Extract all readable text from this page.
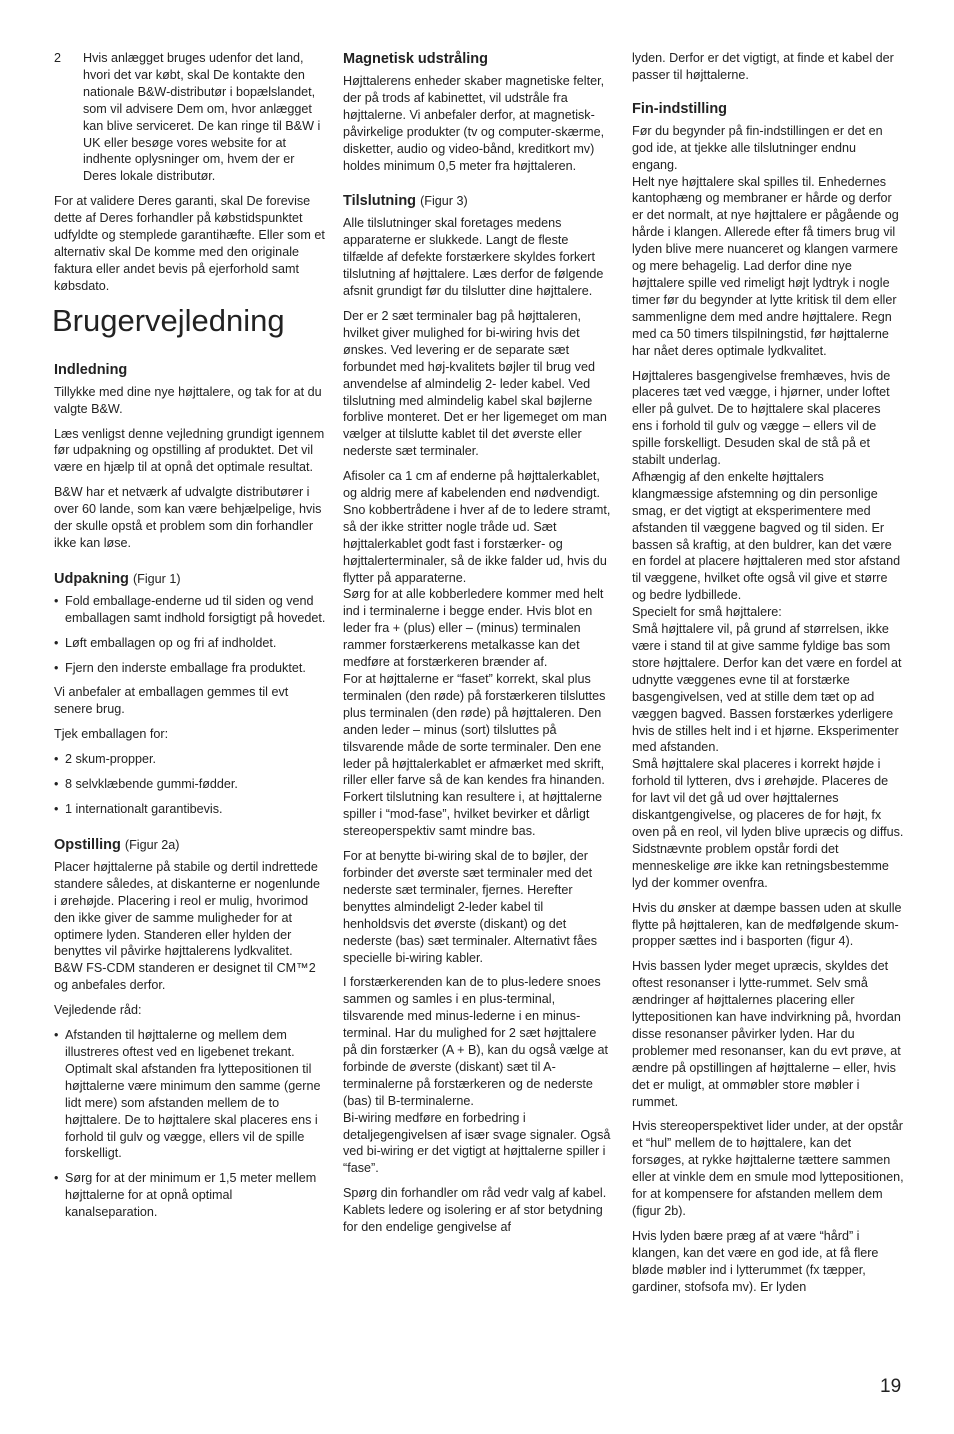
2	Hvis anlægget bruges udenfor det land, hvori det var købt, skal De kontakte den nationale B&W-distributør i bopælslandet, som vil advisere Dem om, hvor anlægget kan blive serviceret. De kan ringe til B&W i UK eller besøge vores website for at indhente oplysninger om, hvem der er Deres lokale distributør.

For at validere Deres garanti, skal De forevise dette af Deres forhandler på købstidspunktet udfyldte og stemplede garantihæfte. Eller som et alternativ skal De komme med den originale faktura eller andet bevis på ejerforhold samt købsdato.

Brugervejledning
Indledning

Tillykke med dine nye højttalere, og tak for at du valgte B&W.

Læs venligst denne vejledning grundigt igennem før udpakning og opstilling af produktet. Det vil være en hjælp til at opnå det optimale resultat.

B&W har et netværk af udvalgte distributører i over 60 lande, som kan være behjælpelige, hvis der skulle opstå et problem som din forhandler ikke kan løse.

Udpakning (Figur 1)
• Fold emballage-enderne ud til siden og vend emballagen samt indhold forsigtigt på hovedet.
• Løft emballagen op og fri af indholdet.
• Fjern den inderste emballage fra produktet.

Vi anbefaler at emballagen gemmes til evt senere brug.

Tjek emballagen for:

• 2 skum-propper.
• 8 selvklæbende gummi-fødder.
• 1 internationalt garantibevis.
Opstilling (Figur 2a)

Placer højttalerne på stabile og dertil indrettede standere således, at diskanterne er nogenlunde i ørehøjde. Placering i reol er mulig, hvorimod den ikke giver de samme muligheder for at optimere lyden. Standeren eller hylden der benyttes vil påvirke højttalerens lydkvalitet.

B&W FS-CDM standeren er designet til CM™2 og anbefales derfor.

Vejledende råd:

• Afstanden til højttalerne og mellem dem illustreres oftest ved en ligebenet trekant. Optimalt skal afstanden fra lyttepositionen til højttalerne være minimum den samme (gerne lidt mere) som afstanden mellem de to højttalere. De to højttalere skal placeres ens i forhold til gulv og vægge, ellers vil de spille forskelligt.
• Sørg for at der minimum er 1,5 meter mellem højttalerne for at opnå optimal kanalseparation.
Magnetisk udstråling

Højttalerens enheder skaber magnetiske felter, der på trods af kabinettet, vil udstråle fra højttalerne. Vi anbefaler derfor, at magnetisk-påvirkelige produkter (tv og computer-skærme, disketter, audio og video-bånd, kreditkort mv) holdes minimum 0,5 meter fra højttaleren.

Tilslutning (Figur 3)

Alle tilslutninger skal foretages medens apparaterne er slukkede. Langt de fleste tilfælde af defekte forstærkere skyldes forkert tilslutning af højttalere. Læs derfor de følgende afsnit grundigt før du tilslutter dine højttalere.

Der er 2 sæt terminaler bag på højttaleren, hvilket giver mulighed for bi-wiring hvis det ønskes. Ved levering er de separate sæt forbundet med høj-kvalitets bøjler til brug ved anvendelse af almindelig 2- leder kabel. Ved tilslutning med almindelig kabel skal bøjlerne forblive monteret. Det er her ligemeget om man vælger at tilslutte kablet til det øverste eller nederste sæt terminaler.

Afisoler ca 1 cm af enderne på højttalerkablet, og aldrig mere af kabelenden end nødvendigt. Sno kobbertrådene i hver af de to ledere stramt, så der ikke stritter nogle tråde ud. Sæt højttalerkablet godt fast i forstærker- og højttalerterminaler, så de ikke falder ud, hvis du flytter på apparaterne.

Sørg for at alle kobberledere kommer med helt ind i terminalerne i begge ender. Hvis blot en leder fra + (plus) eller – (minus) terminalen rammer forstærkerens metalkasse kan det medføre at forstærkeren brænder af.

For at højttalerne er “faset” korrekt, skal plus terminalen (den røde) på forstærkeren tilsluttes plus terminalen (den røde) på højttaleren. Den anden leder – minus (sort) tilsluttes på tilsvarende måde de sorte terminaler. Den ene leder på højttalerkablet er afmærket med skrift, riller eller farve så de kan kendes fra hinanden.

Forkert tilslutning kan resultere i, at højttalerne spiller i “mod-fase”, hvilket bevirker et dårligt stereoperspektiv samt mindre bas.

For at benytte bi-wiring skal de to bøjler, der forbinder det øverste sæt terminaler med det nederste sæt terminaler, fjernes. Herefter benyttes almindeligt 2-leder kabel til henholdsvis det øverste (diskant) og det nederste (bas) sæt terminaler. Alternativt fåes specielle bi-wiring kabler.

I forstærkerenden kan de to plus-ledere snoes sammen og samles i en plus-terminal, tilsvarende med minus-lederne i en minus-terminal. Har du mulighed for 2 sæt højttalere på din forstærker (A + B), kan du også vælge at forbinde de øverste (diskant) sæt til A-terminalerne på forstærkeren og de nederste (bas) til B-terminalerne.

Bi-wiring medføre en forbedring i detaljegengivelsen af især svage signaler. Også ved bi-wiring er det vigtigt at højttalerne spiller i “fase”.

Spørg din forhandler om råd vedr valg af kabel. Kablets ledere og isolering er af stor betydning for den endelige gengivelse af

lyden. Derfor er det vigtigt, at finde et kabel der passer til højttalerne.

Fin-indstilling

Før du begynder på fin-indstillingen er det en god ide, at tjekke alle tilslutninger endnu engang.

Helt nye højttalere skal spilles til. Enhedernes kantophæng og membraner er hårde og derfor er det normalt, at nye højttalere er pågående og hårde i klangen. Allerede efter få timers brug vil lyden blive mere nuanceret og klangen varmere og mere behagelig. Lad derfor dine nye højttalere spille ved rimeligt højt lydtryk i nogle timer før du begynder at lytte kritisk til dem eller sammenligne dem med andre højttalere. Regn med ca 50 timers tilspilningstid, før højttalerne har nået deres optimale lydkvalitet.

Højttaleres basgengivelse fremhæves, hvis de placeres tæt ved vægge, i hjørner, under loftet eller på gulvet. De to højttalere skal placeres ens i forhold til gulv og vægge – ellers vil de spille forskelligt. Desuden skal de stå på et stabilt underlag.

Afhængig af den enkelte højttalers klangmæssige afstemning og din personlige smag, er det vigtigt at eksperimentere med afstanden til væggene bagved og til siden. Er bassen så kraftig, at den buldrer, kan det være en fordel at placere højttaleren med stor afstand til væggene, hvilket ofte også vil give et større og bedre lydbillede.

Specielt for små højttalere:

Små højttalere vil, på grund af størrelsen, ikke være i stand til at give samme fyldige bas som store højttalere. Derfor kan det være en fordel at udnytte væggenes evne til at forstærke basgengivelsen, ved at stille dem tæt op ad væggen bagved. Bassen forstærkes yderligere hvis de stilles helt ind i et hjørne. Eksperimenter med afstanden.

Små højttalere skal placeres i korrekt højde i forhold til lytteren, dvs i ørehøjde. Placeres de for lavt vil det gå ud over højttalernes diskantgengivelse, og placeres de for højt, fx oven på en reol, vil lyden blive upræcis og diffus. Sidstnævnte problem opstår fordi det menneskelige øre ikke kan retningsbestemme lyd der kommer ovenfra.

Hvis du ønsker at dæmpe bassen uden at skulle flytte på højttaleren, kan de medfølgende skum-propper sættes ind i basporten (figur 4).

Hvis bassen lyder meget upræcis, skyldes det oftest resonanser i lytte-rummet. Selv små ændringer af højttalernes placering eller lyttepositionen kan have indvirkning på, hvordan disse resonanser påvirker lyden. Har du problemer med resonanser, kan du evt prøve, at ændre på opstillingen af højttalerne – eller, hvis det er muligt, at ommøbler store møbler i rummet.

Hvis stereoperspektivet lider under, at der opstår et “hul” mellem de to højttalere, kan det forsøges, at rykke højttalerne tættere sammen eller at vinkle dem en smule mod lyttepositionen, for at kompensere for afstanden mellem dem (figur 2b).

Hvis lyden bære præg af at være “hård” i klangen, kan det være en god ide, at få flere bløde møbler ind i lytterummet (fx tæpper, gardiner, stofsofa mv). Er lyden

19
